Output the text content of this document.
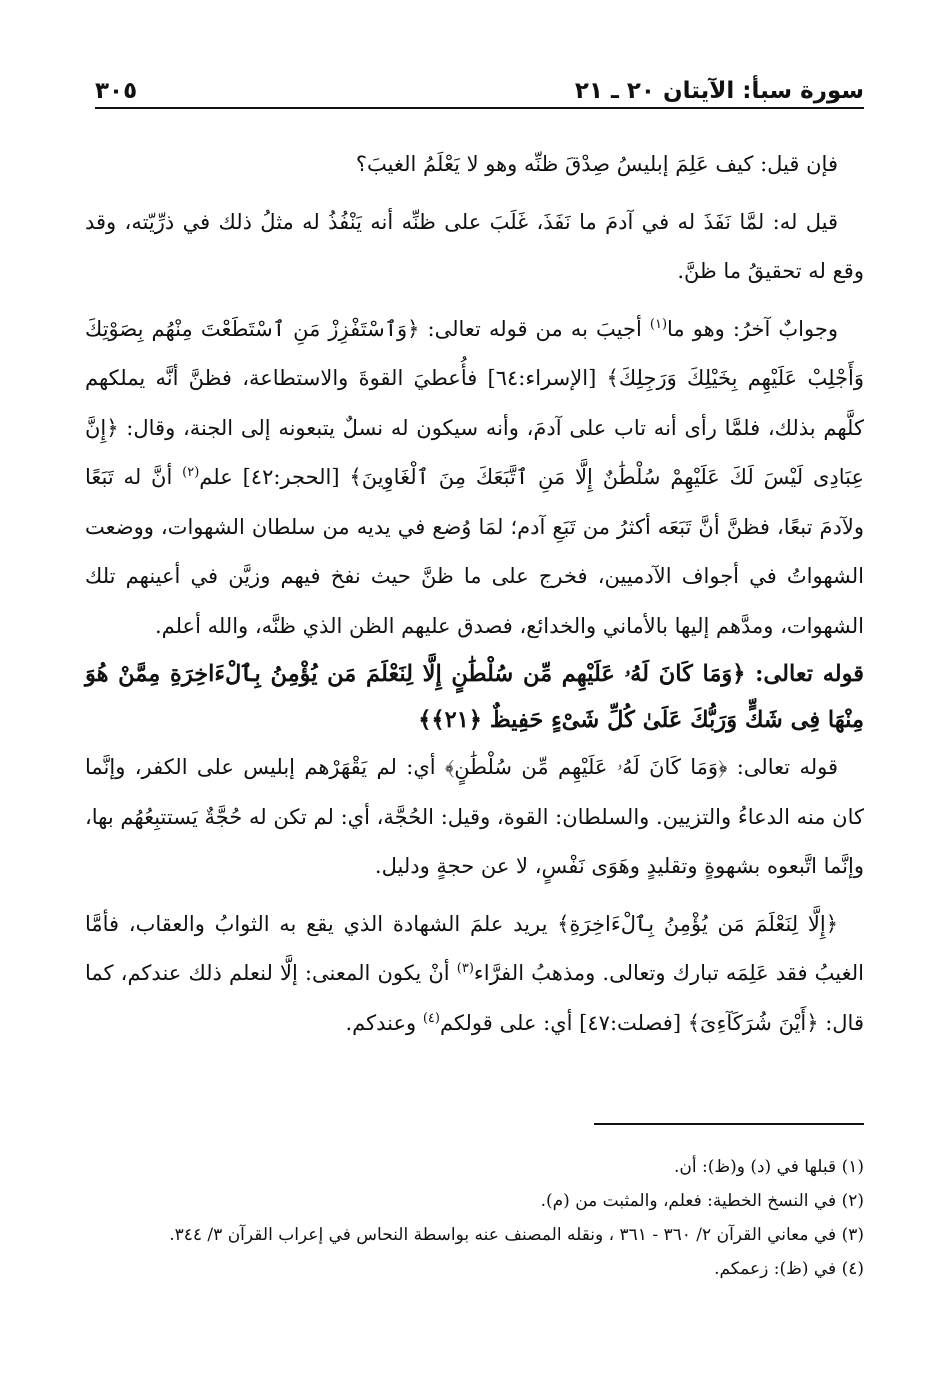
سورة سبأ: الآيتان ٢٠ ـ ٢١
٣٠٥

فإن قيل: كيف عَلِمَ إبليسُ صِدْقَ ظنِّه وهو لا يَعْلَمُ الغيبَ؟

قيل له: لمَّا نَفَذَ له في آدمَ ما نَفَذَ، غَلَبَ على ظنِّه أنه يَنْفُذُ له مثلُ ذلك في ذرِّيّته، وقد وقع له تحقيقُ ما ظنَّ.

وجوابٌ آخرُ: وهو ما$^{(١)}$ أجيبَ به من قوله تعالى: ﴿وَٱسْتَفْزِزْ مَنِ ٱسْتَطَعْتَ مِنْهُم بِصَوْتِكَ وَأَجْلِبْ عَلَيْهِم بِخَيْلِكَ وَرَجِلِكَ﴾ [الإسراء:٦٤] فأُعطيَ القوةَ والاستطاعة، فظنَّ أنَّه يملكهم كلَّهم بذلك، فلمَّا رأى أنه تاب على آدمَ، وأنه سيكون له نسلٌ يتبعونه إلى الجنة، وقال: ﴿إِنَّ عِبَادِى لَيْسَ لَكَ عَلَيْهِمْ سُلْطَٰنٌ إِلَّا مَنِ ٱتَّبَعَكَ مِنَ ٱلْغَاوِينَ﴾ [الحجر:٤٢] علم$^{(٢)}$ أنَّ له تَبَعًا ولآدمَ تبعًا، فظنَّ أنَّ تَبَعَه أكثرُ من تَبَعِ آدم؛ لمَا وُضع في يديه من سلطان الشهوات، ووضعت الشهواتُ في أجواف الآدميين، فخرج على ما ظنَّ حيث نفخ فيهم وزيَّن في أعينهم تلك الشهوات، ومدَّهم إليها بالأماني والخدائع، فصدق عليهم الظن الذي ظنَّه، والله أعلم.

قوله تعالى: ﴿وَمَا كَانَ لَهُۥ عَلَيْهِم مِّن سُلْطَٰنٍ إِلَّا لِنَعْلَمَ مَن يُؤْمِنُ بِٱلْءَاخِرَةِ مِمَّنْ هُوَ مِنْهَا فِى شَكٍّ وَرَبُّكَ عَلَىٰ كُلِّ شَىْءٍ حَفِيظٌ ﴿٢١﴾﴾

قوله تعالى: ﴿وَمَا كَانَ لَهُۥ عَلَيْهِم مِّن سُلْطَٰنٍ﴾ أي: لم يَقْهَرْهم إبليس على الكفر، وإنَّما كان منه الدعاءُ والتزيين. والسلطان: القوة، وقيل: الحُجَّة، أي: لم تكن له حُجَّةٌ يَستتبِعُهُم بها، وإنَّما اتَّبعوه بشهوةٍ وتقليدٍ وهَوَى نَفْسٍ، لا عن حجةٍ ودليل.

﴿إِلَّا لِنَعْلَمَ مَن يُؤْمِنُ بِٱلْءَاخِرَةِ﴾ يريد علمَ الشهادة الذي يقع به الثوابُ والعقاب، فأمَّا الغيبُ فقد عَلِمَه تبارك وتعالى. ومذهبُ الفرَّاء$^{(٣)}$ أنْ يكون المعنى: إلَّا لنعلم ذلك عندكم، كما قال: ﴿أَيْنَ شُرَكَآءِىَ﴾ [فصلت:٤٧] أي: على قولكم$^{(٤)}$ وعندكم.

(١) قبلها في (د) و(ظ): أن.

(٢) في النسخ الخطية: فعلم، والمثبت من (م).

(٣) في معاني القرآن ٢/ ٣٦٠ - ٣٦١ ، ونقله المصنف عنه بواسطة النحاس في إعراب القرآن ٣/ ٣٤٤.

(٤) في (ظ): زعمكم.
